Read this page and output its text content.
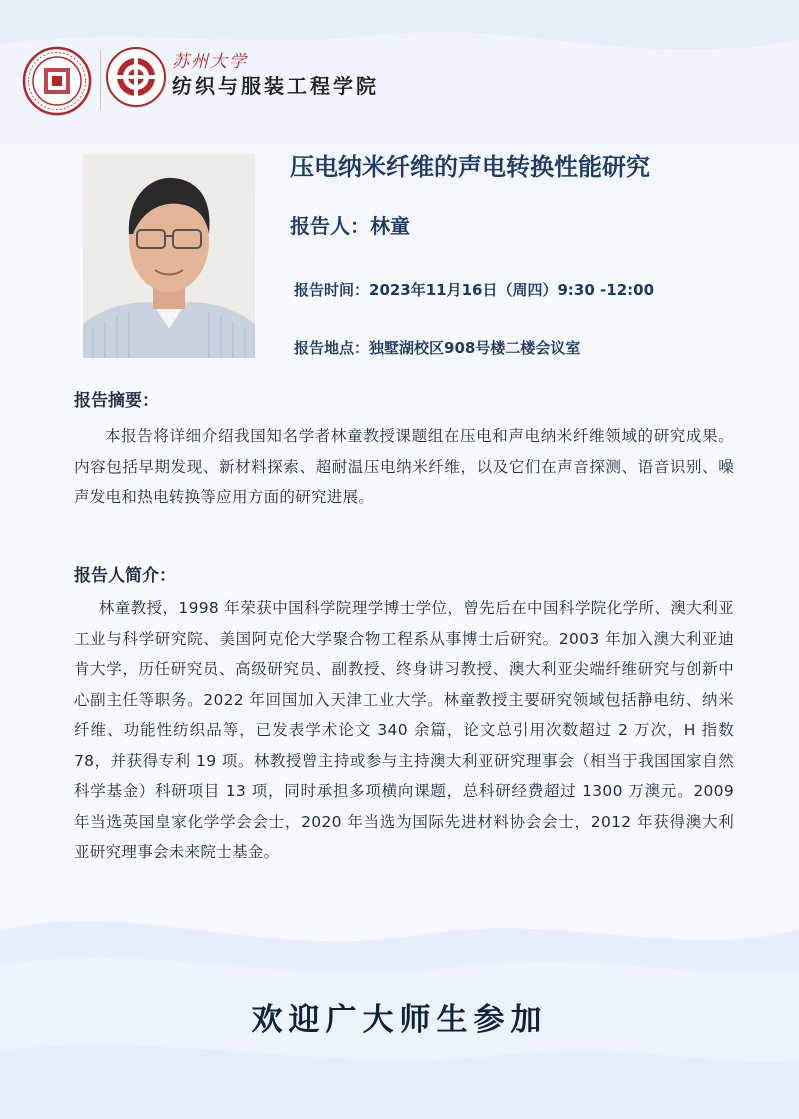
苏州大学
纺织与服装工程学院
压电纳米纤维的声电转换性能研究
报告人：林童
报告时间：2023年11月16日（周四）9:30 -12:00
报告地点：独墅湖校区908号楼二楼会议室
报告摘要：
本报告将详细介绍我国知名学者林童教授课题组在压电和声电纳米纤维领域的研究成果。内容包括早期发现、新材料探索、超耐温压电纳米纤维，以及它们在声音探测、语音识别、噪声发电和热电转换等应用方面的研究进展。
报告人简介：
林童教授，1998 年荣获中国科学院理学博士学位，曾先后在中国科学院化学所、澳大利亚工业与科学研究院、美国阿克伦大学聚合物工程系从事博士后研究。2003 年加入澳大利亚迪肯大学，历任研究员、高级研究员、副教授、终身讲习教授、澳大利亚尖端纤维研究与创新中心副主任等职务。2022 年回国加入天津工业大学。林童教授主要研究领域包括静电纺、纳米纤维、功能性纺织品等，已发表学术论文 340 余篇，论文总引用次数超过 2 万次，H 指数 78，并获得专利 19 项。林教授曾主持或参与主持澳大利亚研究理事会（相当于我国国家自然科学基金）科研项目 13 项，同时承担多项横向课题，总科研经费超过 1300 万澳元。2009 年当选英国皇家化学学会会士，2020 年当选为国际先进材料协会会士，2012 年获得澳大利亚研究理事会未来院士基金。
欢迎广大师生参加
